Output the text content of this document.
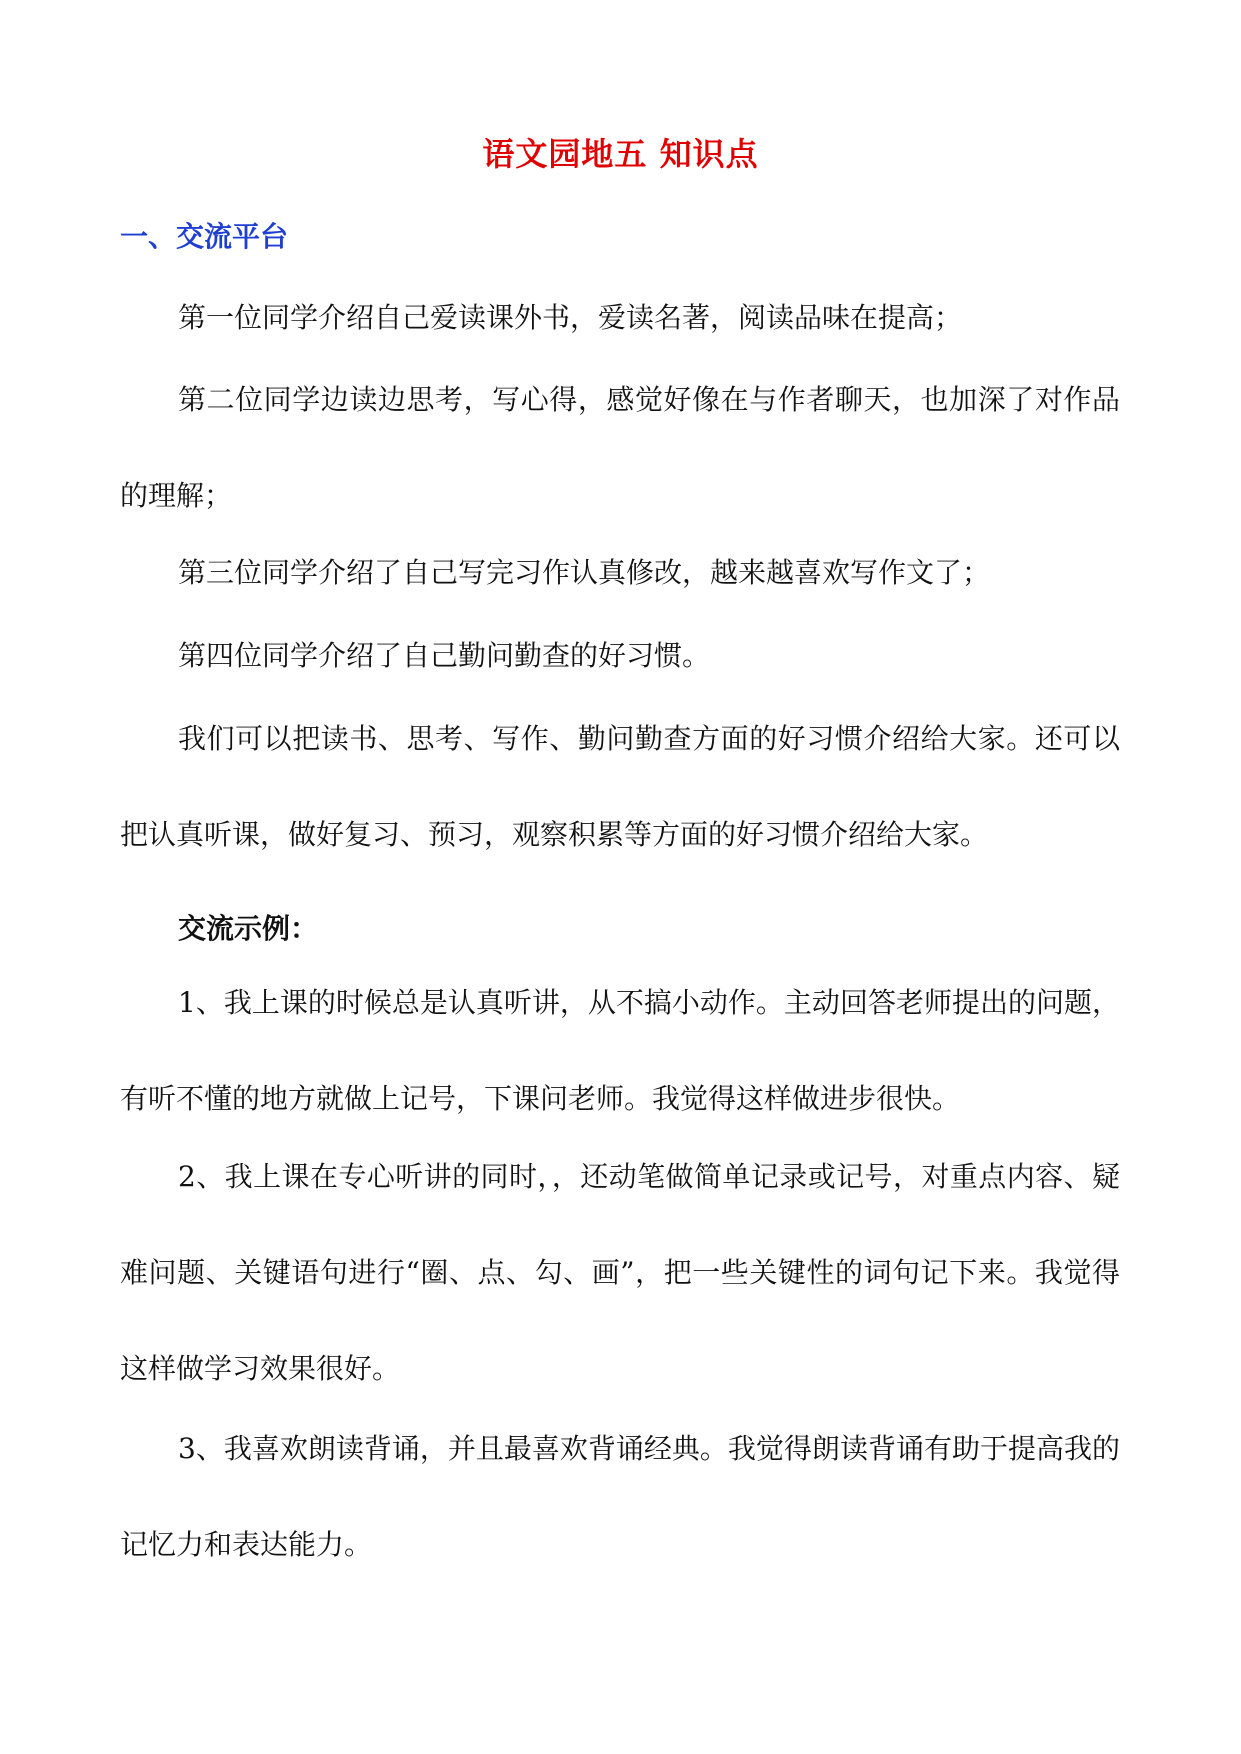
语文园地五 知识点
一、交流平台

第一位同学介绍自己爱读课外书，爱读名著，阅读品味在提高；

第二位同学边读边思考，写心得，感觉好像在与作者聊天，也加深了对作品的理解；

第三位同学介绍了自己写完习作认真修改，越来越喜欢写作文了；

第四位同学介绍了自己勤问勤查的好习惯。

我们可以把读书、思考、写作、勤问勤查方面的好习惯介绍给大家。还可以把认真听课，做好复习、预习，观察积累等方面的好习惯介绍给大家。

交流示例：

1、我上课的时候总是认真听讲，从不搞小动作。主动回答老师提出的问题，有听不懂的地方就做上记号，下课问老师。我觉得这样做进步很快。

2、我上课在专心听讲的同时，，还动笔做简单记录或记号，对重点内容、疑难问题、关键语句进行“圈、点、勾、画”，把一些关键性的词句记下来。我觉得这样做学习效果很好。

3、我喜欢朗读背诵，并且最喜欢背诵经典。我觉得朗读背诵有助于提高我的记忆力和表达能力。
